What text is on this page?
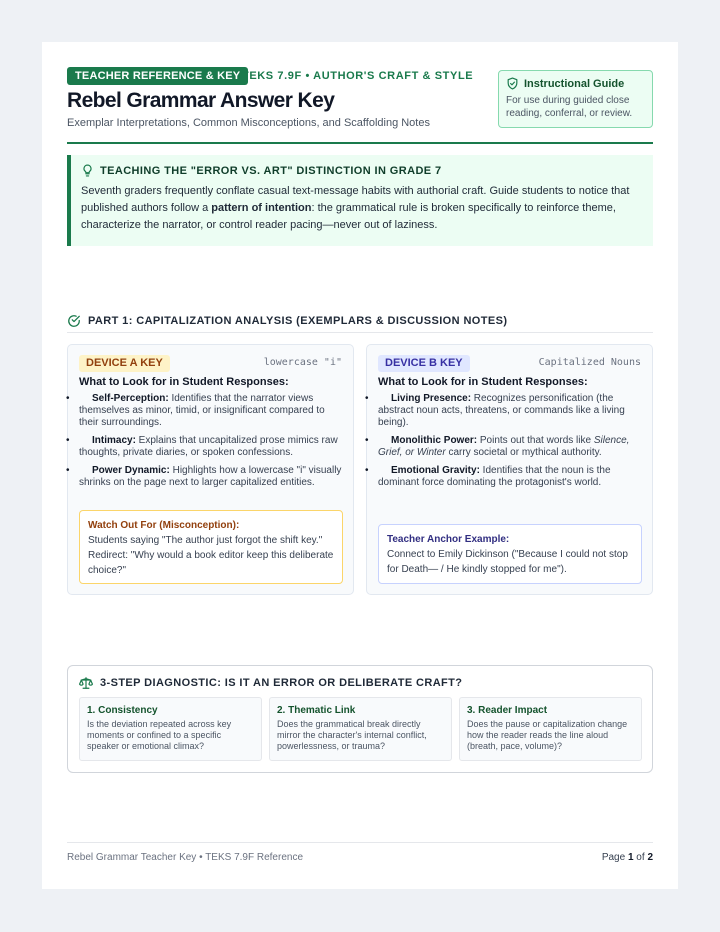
TEACHER REFERENCE & KEY TEKS 7.9F • AUTHOR'S CRAFT & STYLE
Rebel Grammar Answer Key
Exemplar Interpretations, Common Misconceptions, and Scaffolding Notes
Instructional Guide
For use during guided close reading, conferral, or review.
TEACHING THE "ERROR VS. ART" DISTINCTION IN GRADE 7
Seventh graders frequently conflate casual text-message habits with authorial craft. Guide students to notice that published authors follow a pattern of intention: the grammatical rule is broken specifically to reinforce theme, characterize the narrator, or control reader pacing—never out of laziness.
PART 1: CAPITALIZATION ANALYSIS (EXEMPLARS & DISCUSSION NOTES)
DEVICE A KEY	lowercase "i"
What to Look for in Student Responses:
• Self-Perception: Identifies that the narrator views themselves as minor, timid, or insignificant compared to their surroundings.
• Intimacy: Explains that uncapitalized prose mimics raw thoughts, private diaries, or spoken confessions.
• Power Dynamic: Highlights how a lowercase "i" visually shrinks on the page next to larger capitalized entities.
Watch Out For (Misconception):
Students saying "The author just forgot the shift key." Redirect: "Why would a book editor keep this deliberate choice?"
DEVICE B KEY	Capitalized Nouns
What to Look for in Student Responses:
• Living Presence: Recognizes personification (the abstract noun acts, threatens, or commands like a living being).
• Monolithic Power: Points out that words like Silence, Grief, or Winter carry societal or mythical authority.
• Emotional Gravity: Identifies that the noun is the dominant force dominating the protagonist's world.
Teacher Anchor Example:
Connect to Emily Dickinson ("Because I could not stop for Death— / He kindly stopped for me").
3-STEP DIAGNOSTIC: IS IT AN ERROR OR DELIBERATE CRAFT?
1. Consistency
Is the deviation repeated across key moments or confined to a specific speaker or emotional climax?
2. Thematic Link
Does the grammatical break directly mirror the character's internal conflict, powerlessness, or trauma?
3. Reader Impact
Does the pause or capitalization change how the reader reads the line aloud (breath, pace, volume)?
Rebel Grammar Teacher Key • TEKS 7.9F Reference	Page 1 of 2
